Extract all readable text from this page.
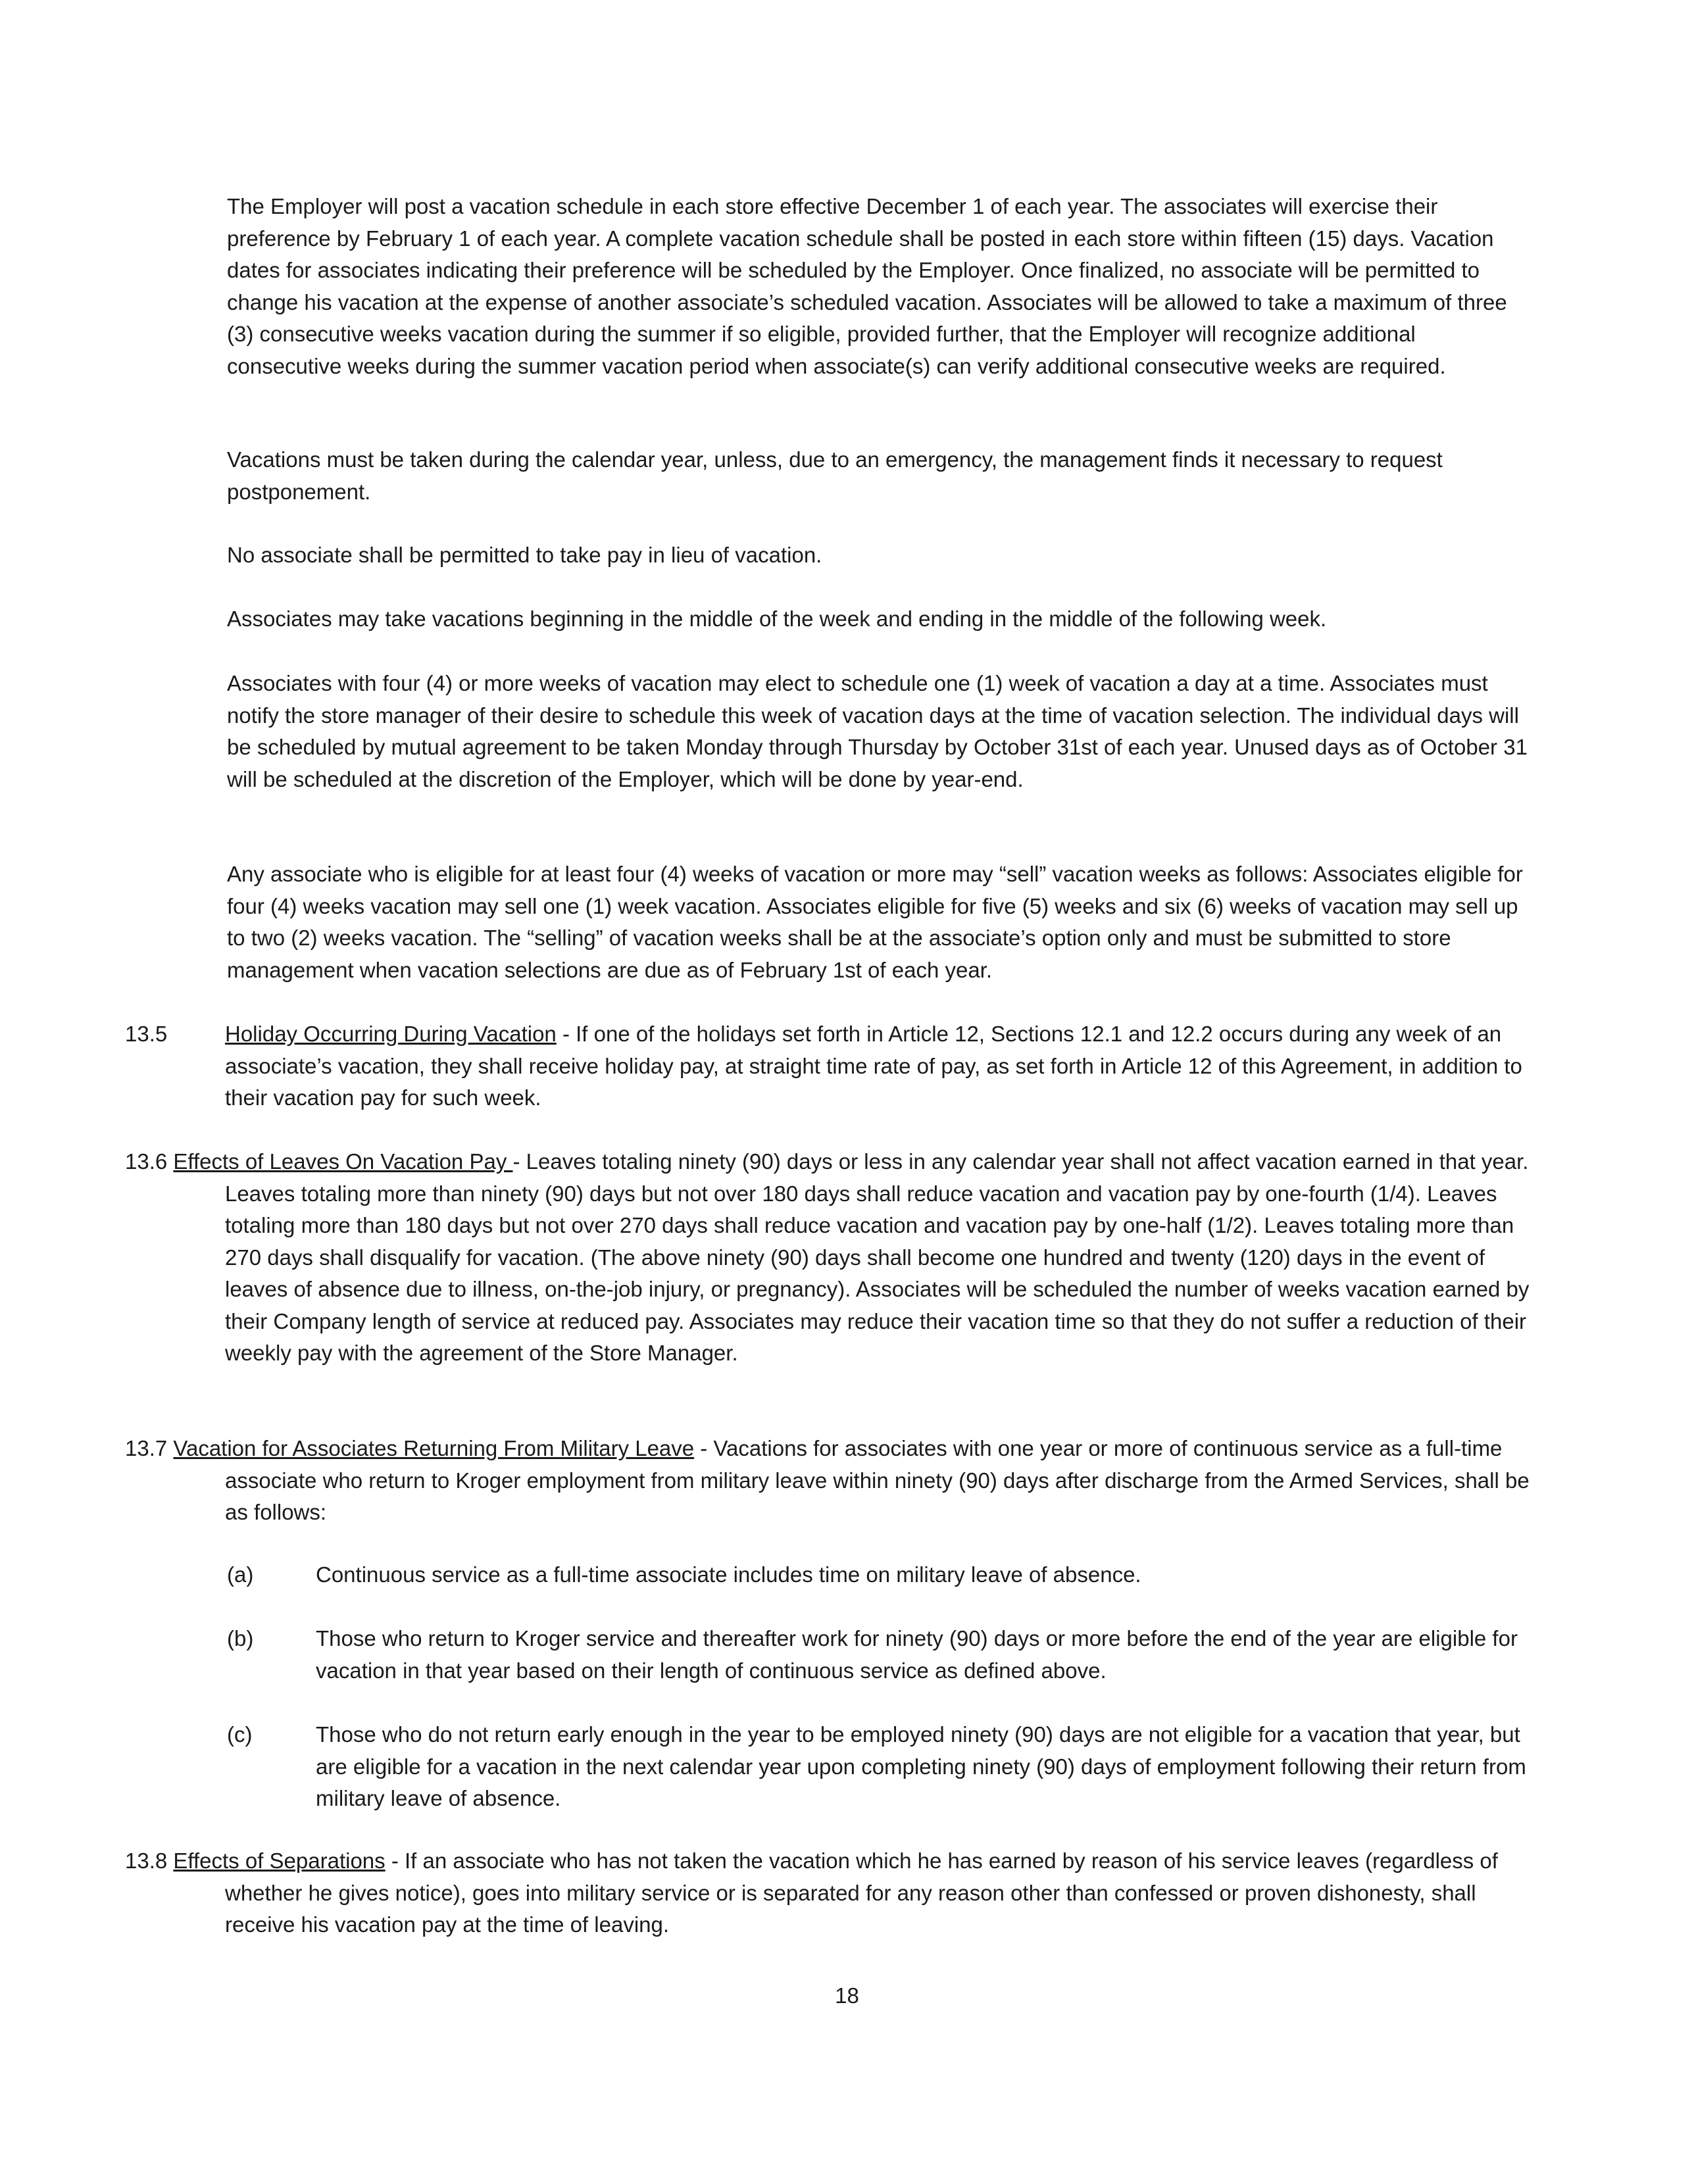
The Employer will post a vacation schedule in each store effective December 1 of each year. The associates will exercise their preference by February 1 of each year. A complete vacation schedule shall be posted in each store within fifteen (15) days. Vacation dates for associates indicating their preference will be scheduled by the Employer. Once finalized, no associate will be permitted to change his vacation at the expense of another associate’s scheduled vacation. Associates will be allowed to take a maximum of three (3) consecutive weeks vacation during the summer if so eligible, provided further, that the Employer will recognize additional consecutive weeks during the summer vacation period when associate(s) can verify additional consecutive weeks are required.

Vacations must be taken during the calendar year, unless, due to an emergency, the management finds it necessary to request postponement.

No associate shall be permitted to take pay in lieu of vacation.

Associates may take vacations beginning in the middle of the week and ending in the middle of the following week.

Associates with four (4) or more weeks of vacation may elect to schedule one (1) week of vacation a day at a time. Associates must notify the store manager of their desire to schedule this week of vacation days at the time of vacation selection. The individual days will be scheduled by mutual agreement to be taken Monday through Thursday by October 31st of each year. Unused days as of October 31 will be scheduled at the discretion of the Employer, which will be done by year-end.

Any associate who is eligible for at least four (4) weeks of vacation or more may “sell” vacation weeks as follows: Associates eligible for four (4) weeks vacation may sell one (1) week vacation. Associates eligible for five (5) weeks and six (6) weeks of vacation may sell up to two (2) weeks vacation. The “selling” of vacation weeks shall be at the associate’s option only and must be submitted to store management when vacation selections are due as of February 1st of each year.

13.5	Holiday Occurring During Vacation - If one of the holidays set forth in Article 12, Sections 12.1 and 12.2 occurs during any week of an associate’s vacation, they shall receive holiday pay, at straight time rate of pay, as set forth in Article 12 of this Agreement, in addition to their vacation pay for such week.
13.6 Effects of Leaves On Vacation Pay - Leaves totaling ninety (90) days or less in any calendar year shall not affect vacation earned in that year. Leaves totaling more than ninety (90) days but not over 180 days shall reduce vacation and vacation pay by one-fourth (1/4). Leaves totaling more than 180 days but not over 270 days shall reduce vacation and vacation pay by one-half (1/2). Leaves totaling more than 270 days shall disqualify for vacation. (The above ninety (90) days shall become one hundred and twenty (120) days in the event of leaves of absence due to illness, on-the-job injury, or pregnancy). Associates will be scheduled the number of weeks vacation earned by their Company length of service at reduced pay. Associates may reduce their vacation time so that they do not suffer a reduction of their weekly pay with the agreement of the Store Manager.
13.7 Vacation for Associates Returning From Military Leave - Vacations for associates with one year or more of continuous service as a full-time associate who return to Kroger employment from military leave within ninety (90) days after discharge from the Armed Services, shall be as follows:
(a)	Continuous service as a full-time associate includes time on military leave of absence.
(b)	Those who return to Kroger service and thereafter work for ninety (90) days or more before the end of the year are eligible for vacation in that year based on their length of continuous service as defined above.
(c)	Those who do not return early enough in the year to be employed ninety (90) days are not eligible for a vacation that year, but are eligible for a vacation in the next calendar year upon completing ninety (90) days of employment following their return from military leave of absence.
13.8 Effects of Separations - If an associate who has not taken the vacation which he has earned by reason of his service leaves (regardless of whether he gives notice), goes into military service or is separated for any reason other than confessed or proven dishonesty, shall receive his vacation pay at the time of leaving.
18
